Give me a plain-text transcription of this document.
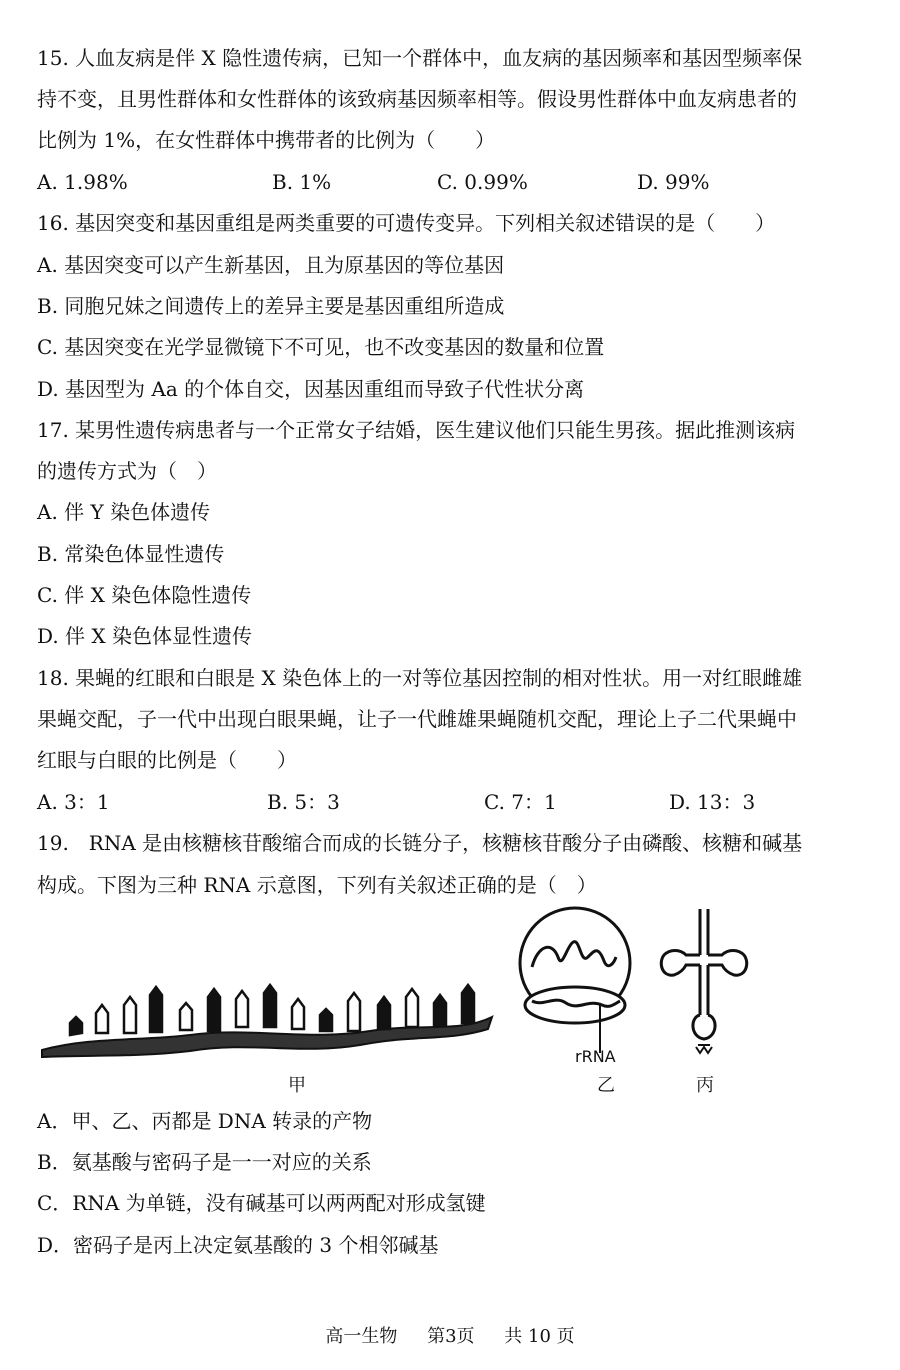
15. 人血友病是伴 X 隐性遗传病，已知一个群体中，血友病的基因频率和基因型频率保
持不变，且男性群体和女性群体的该致病基因频率相等。假设男性群体中血友病患者的
比例为 1%，在女性群体中携带者的比例为（　　）
A. 1.98%	B. 1%	C. 0.99%	D. 99%
16. 基因突变和基因重组是两类重要的可遗传变异。下列相关叙述错误的是（　　）
A. 基因突变可以产生新基因，且为原基因的等位基因
B. 同胞兄妹之间遗传上的差异主要是基因重组所造成
C. 基因突变在光学显微镜下不可见，也不改变基因的数量和位置
D. 基因型为 Aa 的个体自交，因基因重组而导致子代性状分离
17. 某男性遗传病患者与一个正常女子结婚，医生建议他们只能生男孩。据此推测该病
的遗传方式为（　）
A. 伴 Y 染色体遗传
B. 常染色体显性遗传
C. 伴 X 染色体隐性遗传
D. 伴 X 染色体显性遗传
18. 果蝇的红眼和白眼是 X 染色体上的一对等位基因控制的相对性状。用一对红眼雌雄
果蝇交配，子一代中出现白眼果蝇，让子一代雌雄果蝇随机交配，理论上子二代果蝇中
红眼与白眼的比例是（　　）
A. 3：1	B. 5：3	C. 7：1	D. 13：3
19.　RNA 是由核糖核苷酸缩合而成的长链分子，核糖核苷酸分子由磷酸、核糖和碱基
构成。下图为三种 RNA 示意图，下列有关叙述正确的是（　）
甲
rRNA
乙	丙
A．甲、乙、丙都是 DNA 转录的产物
B．氨基酸与密码子是一一对应的关系
C．RNA 为单链，没有碱基可以两两配对形成氢键
D．密码子是丙上决定氨基酸的 3 个相邻碱基
高一生物 第3页 共 10 页
